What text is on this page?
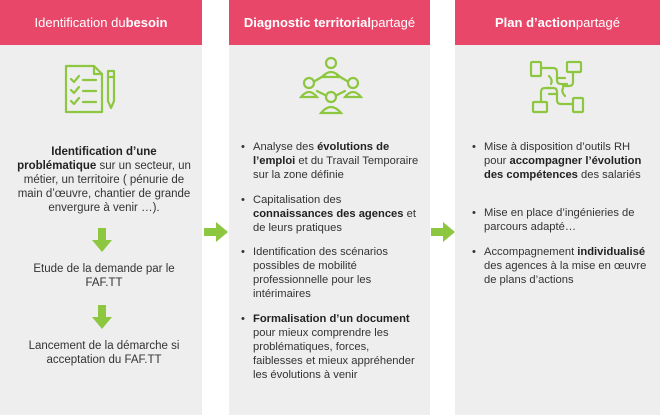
Identification du besoin
Identification d’une problématique sur un secteur, un métier, un territoire ( pénurie de main d’œuvre, chantier de grande envergure à venir …).
Etude de la demande par le FAF.TT
Lancement de la démarche si acceptation du FAF.TT
Diagnostic territorial partagé
• Analyse des évolutions de l’emploi et du Travail Temporaire sur la zone définie
• Capitalisation des connaissances des agences et de leurs pratiques
• Identification des scénarios possibles de mobilité professionnelle pour les intérimaires
• Formalisation d’un document pour mieux comprendre les problématiques, forces, faiblesses et mieux appréhender les évolutions à venir
Plan d’action partagé
• Mise à disposition d’outils RH pour accompagner l’évolution des compétences des salariés
• Mise en place d’ingénieries de parcours adapté…
• Accompagnement individualisé des agences à la mise en œuvre de plans d’actions
